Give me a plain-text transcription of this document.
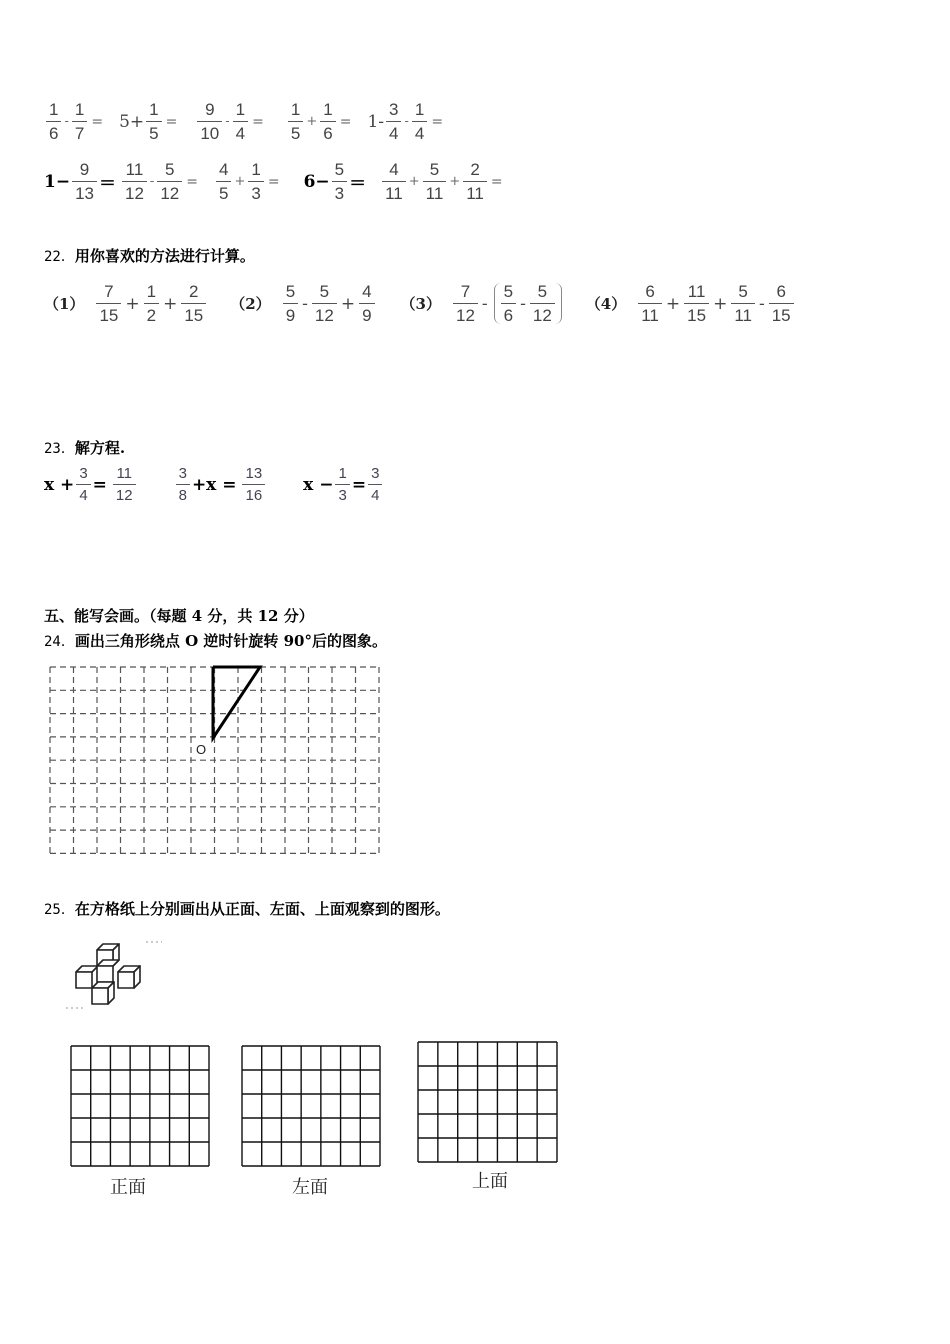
$\frac{1}{6} - \frac{1}{7} = 5+ \frac{1}{5} = \frac{9}{10} - \frac{1}{4} = \frac{1}{5} + \frac{1}{6} = 1- \frac{3}{4} - \frac{1}{4}$ =
$1- \frac{9}{13} = \frac{11}{12} - \frac{5}{12} = \frac{4}{5} + \frac{1}{3} = 6- \frac{5}{3} = \frac{4}{11} + \frac{5}{11} + \frac{2}{11}$ =
22． 用你喜欢的方法进行计算。
$(1) \frac{7}{15} + \frac{1}{2} + \frac{2}{15} (2) \frac{5}{9} - \frac{5}{12} + \frac{4}{9} (3) \frac{7}{12} - \frac{5}{6} - \frac{5}{12} (4) \frac{6}{11} + \frac{11}{15} + \frac{5}{11} - \frac{6}{15}$
23． 解方程.
$x + \frac{3}{4} = \frac{11}{12}$	$\frac{3}{8} +x = \frac{13}{16}$ $x - \frac{1}{3} = \frac{3}{4}$
五、能写会画。（每题 4 分，共 12 分）
24． 画出三角形绕点 O 逆时针旋转 90°后的图象。
O
25． 在方格纸上分别画出从正面、左面、上面观察到的图形。
正面	左面	上面
